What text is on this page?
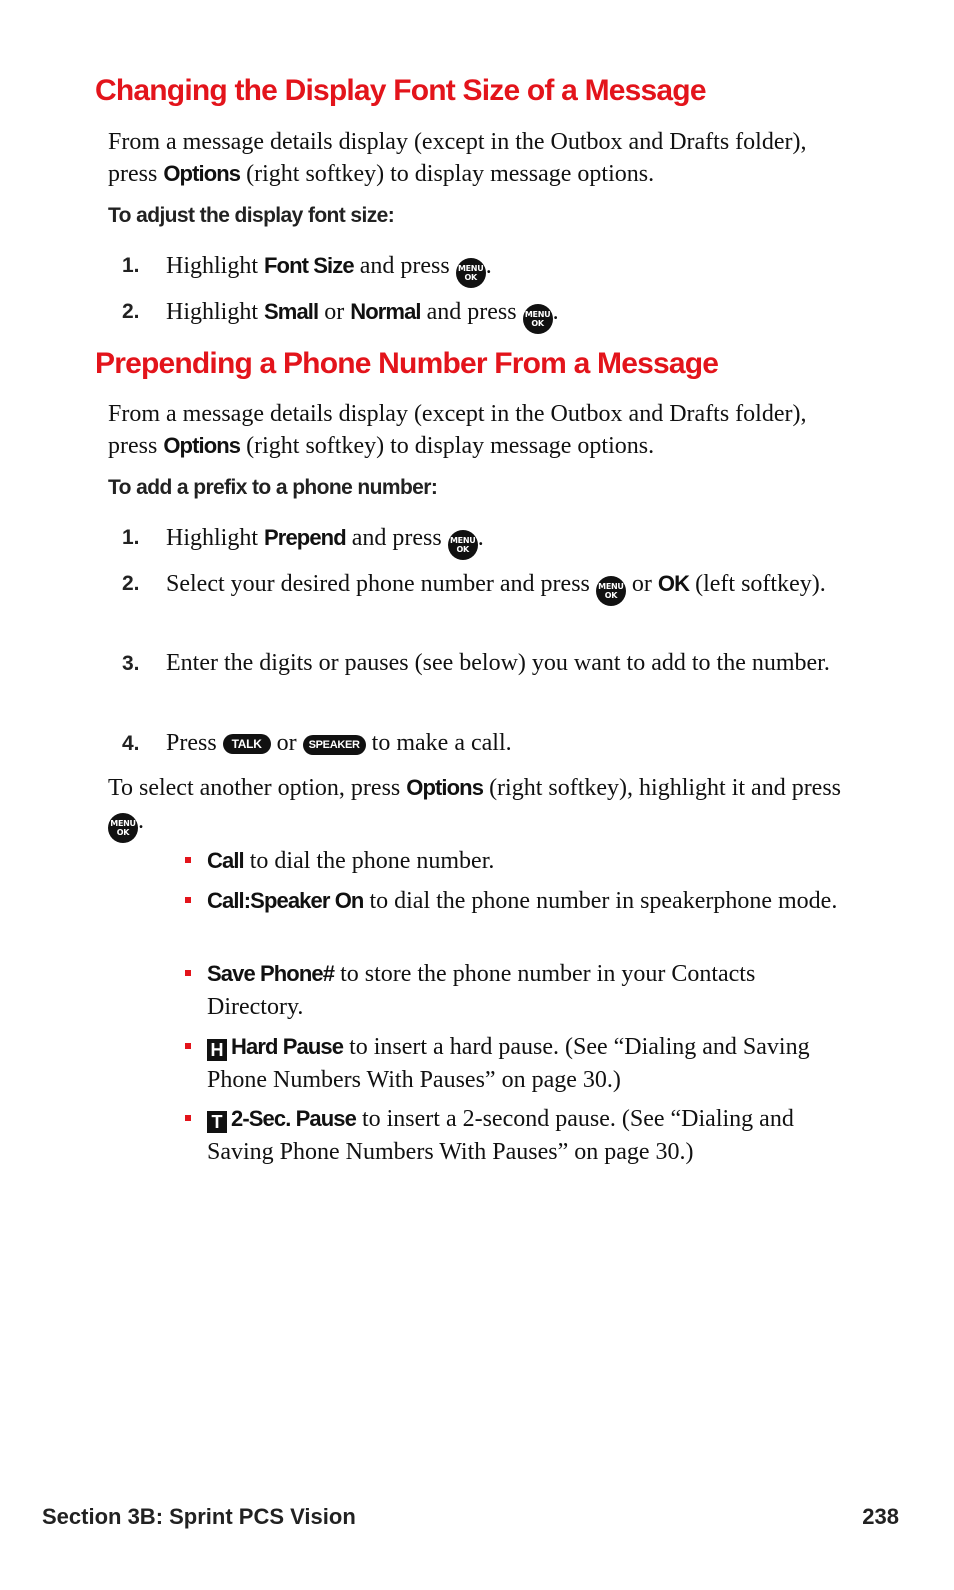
Changing the Display Font Size of a Message

From a message details display (except in the Outbox and Drafts folder), press Options (right softkey) to display message options.

To adjust the display font size:
1. Highlight Font Size and press MENU
OK .
2. Highlight Small or Normal and press MENU
OK .
Prepending a Phone Number From a Message

From a message details display (except in the Outbox and Drafts folder), press Options (right softkey) to display message options.

To add a prefix to a phone number:
1. Highlight Prepend and press MENU
OK .
2. Select your desired phone number and press MENU
OK or OK (left softkey).
3. Enter the digits or pauses (see below) you want to add to the number.
4. Press TALK or SPEAKER to make a call.

To select another option, press Options (right softkey), highlight it and press MENU
OK .

Call to dial the phone number.
Call:Speaker On to dial the phone number in speakerphone mode.
Save Phone# to store the phone number in your Contacts Directory.
H Hard Pause to insert a hard pause. (See “Dialing and Saving Phone Numbers With Pauses” on page 30.)
T 2-Sec. Pause to insert a 2-second pause. (See “Dialing and Saving Phone Numbers With Pauses” on page 30.)
Section 3B: Sprint PCS Vision	238
